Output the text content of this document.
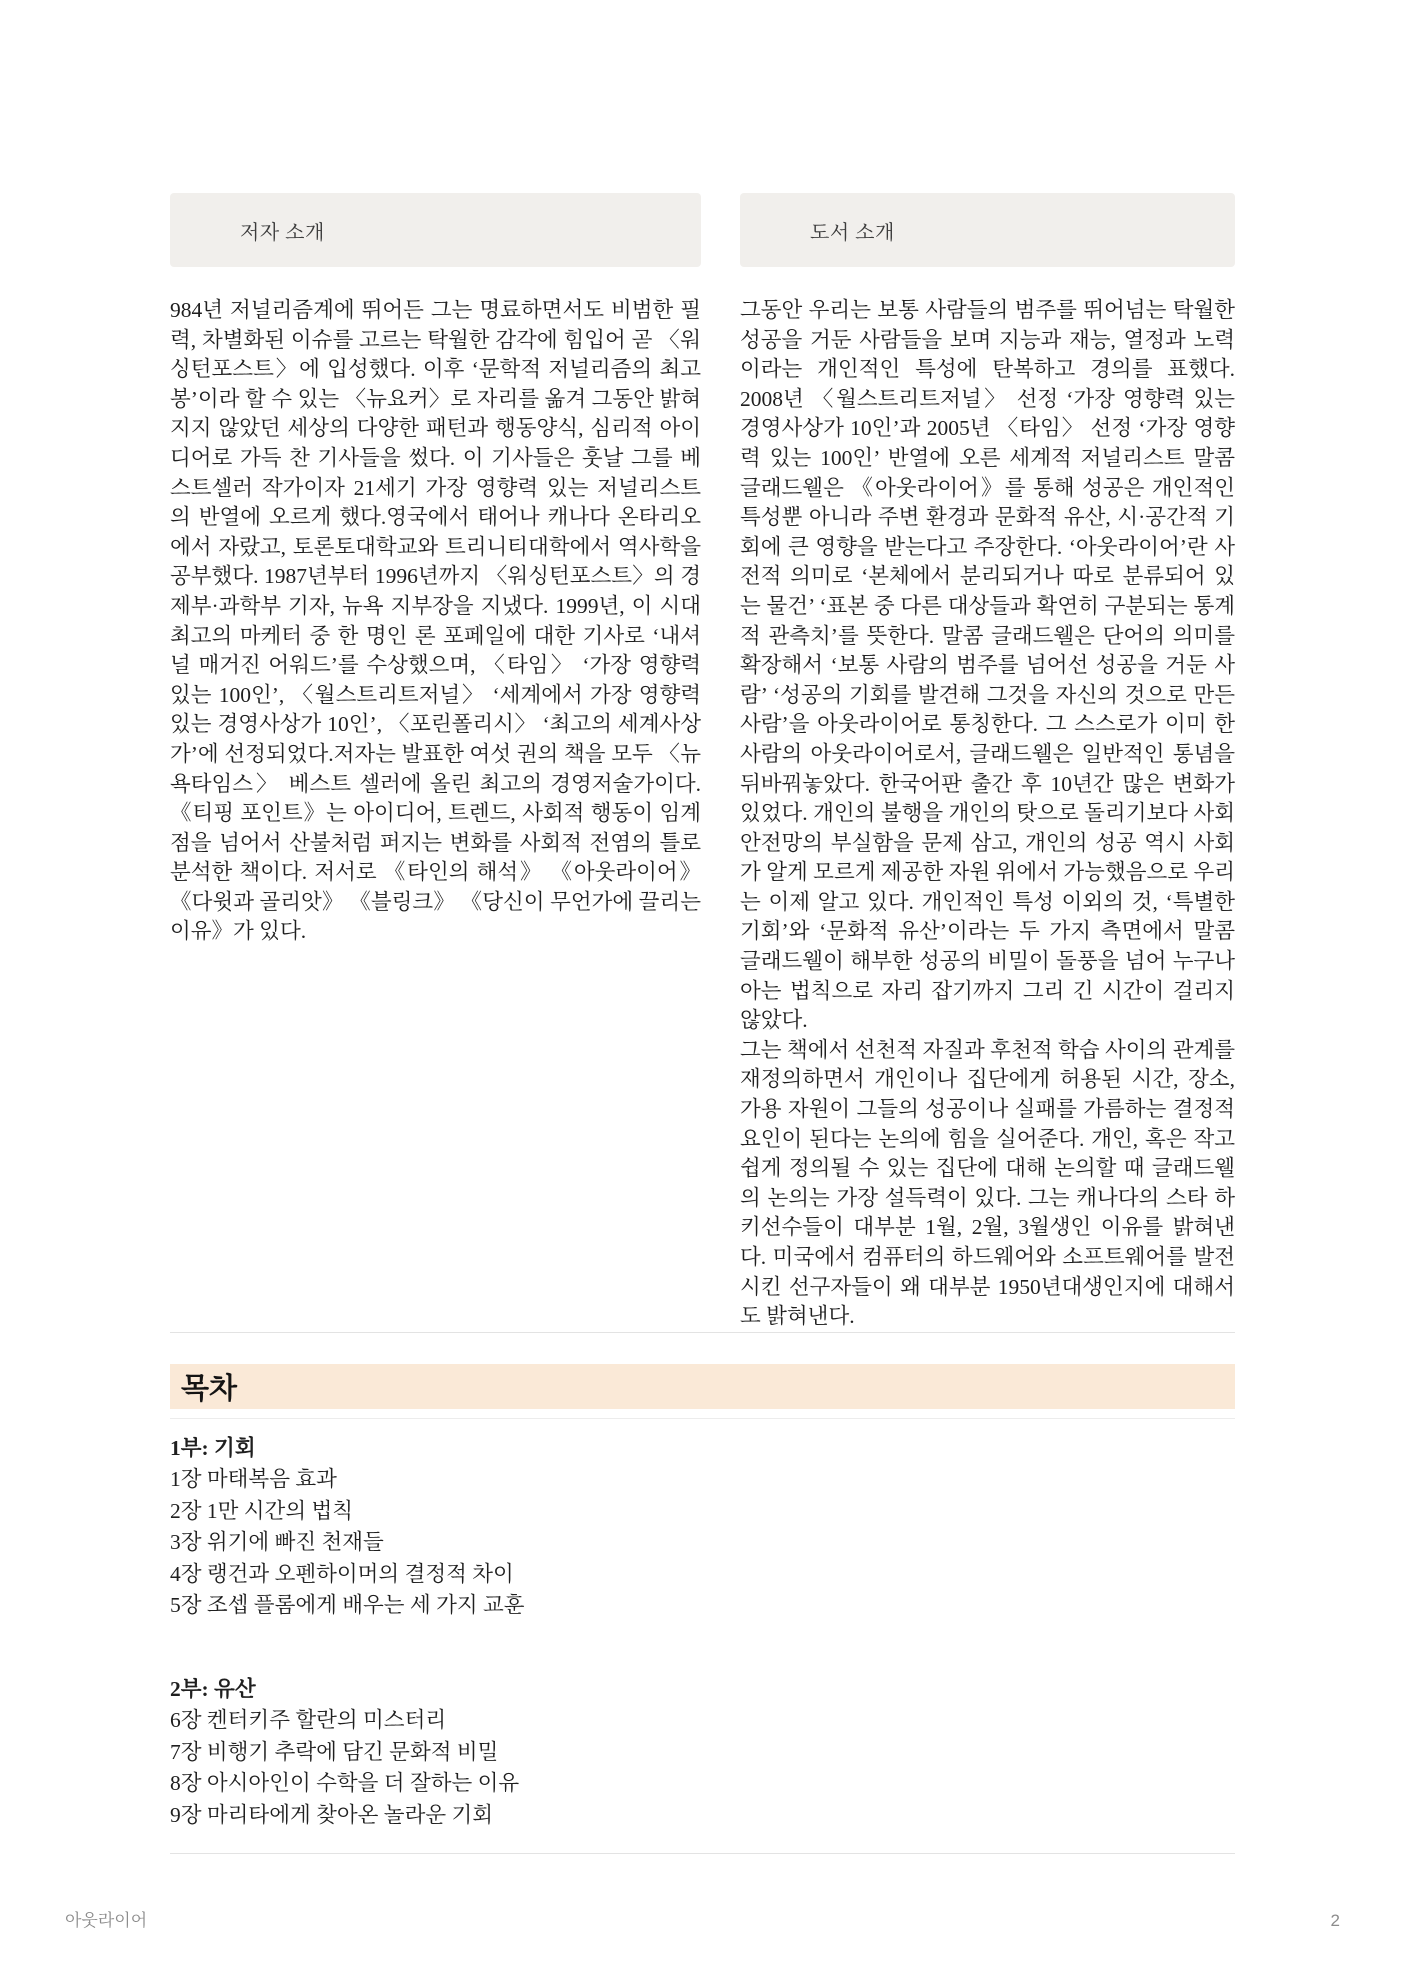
저자 소개
984년 저널리즘계에 뛰어든 그는 명료하면서도 비범한 필력, 차별화된 이슈를 고르는 탁월한 감각에 힘입어 곧 〈워싱턴포스트〉에 입성했다. 이후 ‘문학적 저널리즘의 최고봉’이라 할 수 있는 〈뉴요커〉로 자리를 옮겨 그동안 밝혀지지 않았던 세상의 다양한 패턴과 행동양식, 심리적 아이디어로 가득 찬 기사들을 썼다. 이 기사들은 훗날 그를 베스트셀러 작가이자 21세기 가장 영향력 있는 저널리스트의 반열에 오르게 했다.영국에서 태어나 캐나다 온타리오에서 자랐고, 토론토대학교와 트리니티대학에서 역사학을 공부했다. 1987년부터 1996년까지 〈워싱턴포스트〉의 경제부·과학부 기자, 뉴욕 지부장을 지냈다. 1999년, 이 시대 최고의 마케터 중 한 명인 론 포페일에 대한 기사로 ‘내셔널 매거진 어워드’를 수상했으며, 〈타임〉 ‘가장 영향력 있는 100인’, 〈월스트리트저널〉 ‘세계에서 가장 영향력 있는 경영사상가 10인’, 〈포린폴리시〉 ‘최고의 세계사상가’에 선정되었다.저자는 발표한 여섯 권의 책을 모두 〈뉴욕타임스〉 베스트 셀러에 올린 최고의 경영저술가이다. 《티핑 포인트》는 아이디어, 트렌드, 사회적 행동이 임계점을 넘어서 산불처럼 퍼지는 변화를 사회적 전염의 틀로 분석한 책이다. 저서로 《타인의 해석》 《아웃라이어》 《다윗과 골리앗》 《블링크》 《당신이 무언가에 끌리는 이유》가 있다.
도서 소개
그동안 우리는 보통 사람들의 범주를 뛰어넘는 탁월한 성공을 거둔 사람들을 보며 지능과 재능, 열정과 노력이라는 개인적인 특성에 탄복하고 경의를 표했다. 2008년 〈월스트리트저널〉 선정 ‘가장 영향력 있는 경영사상가 10인’과 2005년 〈타임〉 선정 ‘가장 영향력 있는 100인’ 반열에 오른 세계적 저널리스트 말콤 글래드웰은 《아웃라이어》를 통해 성공은 개인적인 특성뿐 아니라 주변 환경과 문화적 유산, 시·공간적 기회에 큰 영향을 받는다고 주장한다. ‘아웃라이어’란 사전적 의미로 ‘본체에서 분리되거나 따로 분류되어 있는 물건’ ‘표본 중 다른 대상들과 확연히 구분되는 통계적 관측치’를 뜻한다. 말콤 글래드웰은 단어의 의미를 확장해서 ‘보통 사람의 범주를 넘어선 성공을 거둔 사람’ ‘성공의 기회를 발견해 그것을 자신의 것으로 만든 사람’을 아웃라이어로 통칭한다. 그 스스로가 이미 한 사람의 아웃라이어로서, 글래드웰은 일반적인 통념을 뒤바꿔놓았다. 한국어판 출간 후 10년간 많은 변화가 있었다. 개인의 불행을 개인의 탓으로 돌리기보다 사회 안전망의 부실함을 문제 삼고, 개인의 성공 역시 사회가 알게 모르게 제공한 자원 위에서 가능했음으로 우리는 이제 알고 있다. 개인적인 특성 이외의 것, ‘특별한 기회’와 ‘문화적 유산’이라는 두 가지 측면에서 말콤 글래드웰이 해부한 성공의 비밀이 돌풍을 넘어 누구나 아는 법칙으로 자리 잡기까지 그리 긴 시간이 걸리지 않았다.
그는 책에서 선천적 자질과 후천적 학습 사이의 관계를 재정의하면서 개인이나 집단에게 허용된 시간, 장소, 가용 자원이 그들의 성공이나 실패를 가름하는 결정적 요인이 된다는 논의에 힘을 실어준다. 개인, 혹은 작고 쉽게 정의될 수 있는 집단에 대해 논의할 때 글래드웰의 논의는 가장 설득력이 있다. 그는 캐나다의 스타 하키선수들이 대부분 1월, 2월, 3월생인 이유를 밝혀낸다. 미국에서 컴퓨터의 하드웨어와 소프트웨어를 발전시킨 선구자들이 왜 대부분 1950년대생인지에 대해서도 밝혀낸다.
목차
1부: 기회
1장 마태복음 효과
2장 1만 시간의 법칙
3장 위기에 빠진 천재들
4장 랭건과 오펜하이머의 결정적 차이
5장 조셉 플롬에게 배우는 세 가지 교훈
2부: 유산
6장 켄터키주 할란의 미스터리
7장 비행기 추락에 담긴 문화적 비밀
8장 아시아인이 수학을 더 잘하는 이유
9장 마리타에게 찾아온 놀라운 기회
아웃라이어	2
